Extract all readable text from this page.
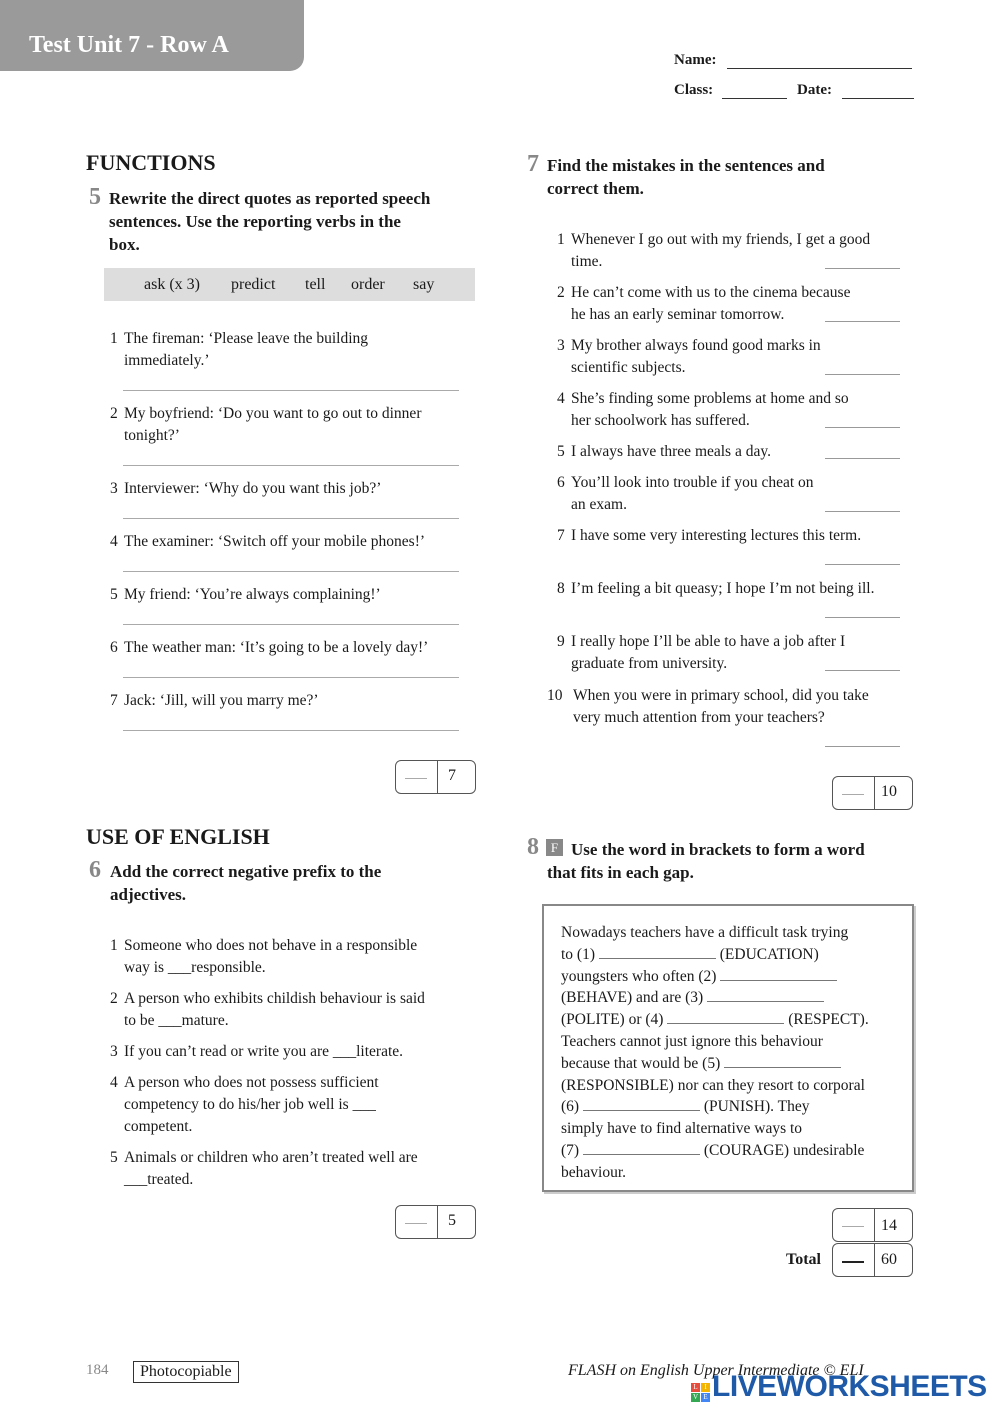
Test Unit 7 - Row A
Name:
Class:	Date:
FUNCTIONS
5 Rewrite the direct quotes as reported speech
sentences. Use the reporting verbs in the
box.
ask (x 3) predict tell order say
1 The fireman: ‘Please leave the building
immediately.’
2 My boyfriend: ‘Do you want to go out to dinner
tonight?’
3 Interviewer: ‘Why do you want this job?’
4 The examiner: ‘Switch off your mobile phones!’
5 My friend: ‘You’re always complaining!’
6 The weather man: ‘It’s going to be a lovely day!’
7 Jack: ‘Jill, will you marry me?’
7
USE OF ENGLISH
6 Add the correct negative prefix to the
adjectives.
1 Someone who does not behave in a responsible
way is ___responsible.
2 A person who exhibits childish behaviour is said
to be ___mature.
3 If you can’t read or write you are ___literate.
4 A person who does not possess sufficient
competency to do his/her job well is ___
competent.
5 Animals or children who aren’t treated well are
___treated.
5
7 Find the mistakes in the sentences and
correct them.
1 Whenever I go out with my friends, I get a good
time.
2 He can’t come with us to the cinema because
he has an early seminar tomorrow.
3 My brother always found good marks in
scientific subjects.
4 She’s finding some problems at home and so
her schoolwork has suffered.
5 I always have three meals a day.
6 You’ll look into trouble if you cheat on
an exam.
7 I have some very interesting lectures this term.
8 I’m feeling a bit queasy; I hope I’m not being ill.
9 I really hope I’ll be able to have a job after I
graduate from university.
10 When you were in primary school, did you take
very much attention from your teachers?
10
8 F Use the word in brackets to form a word
that fits in each gap.
Nowadays teachers have a difficult task trying
to (1)	(EDUCATION)
youngsters who often (2)
(BEHAVE) and are (3)
(POLITE) or (4)	(RESPECT).
Teachers cannot just ignore this behaviour
because that would be (5)
(RESPONSIBLE) nor can they resort to corporal
(6)	(PUNISH). They
simply have to find alternative ways to
(7)	(COURAGE) undesirable
behaviour.
14
Total	60
184	Photocopiable	FLASH on English Upper Intermediate © ELI
L I
V E LIVEWORKSHEETS
